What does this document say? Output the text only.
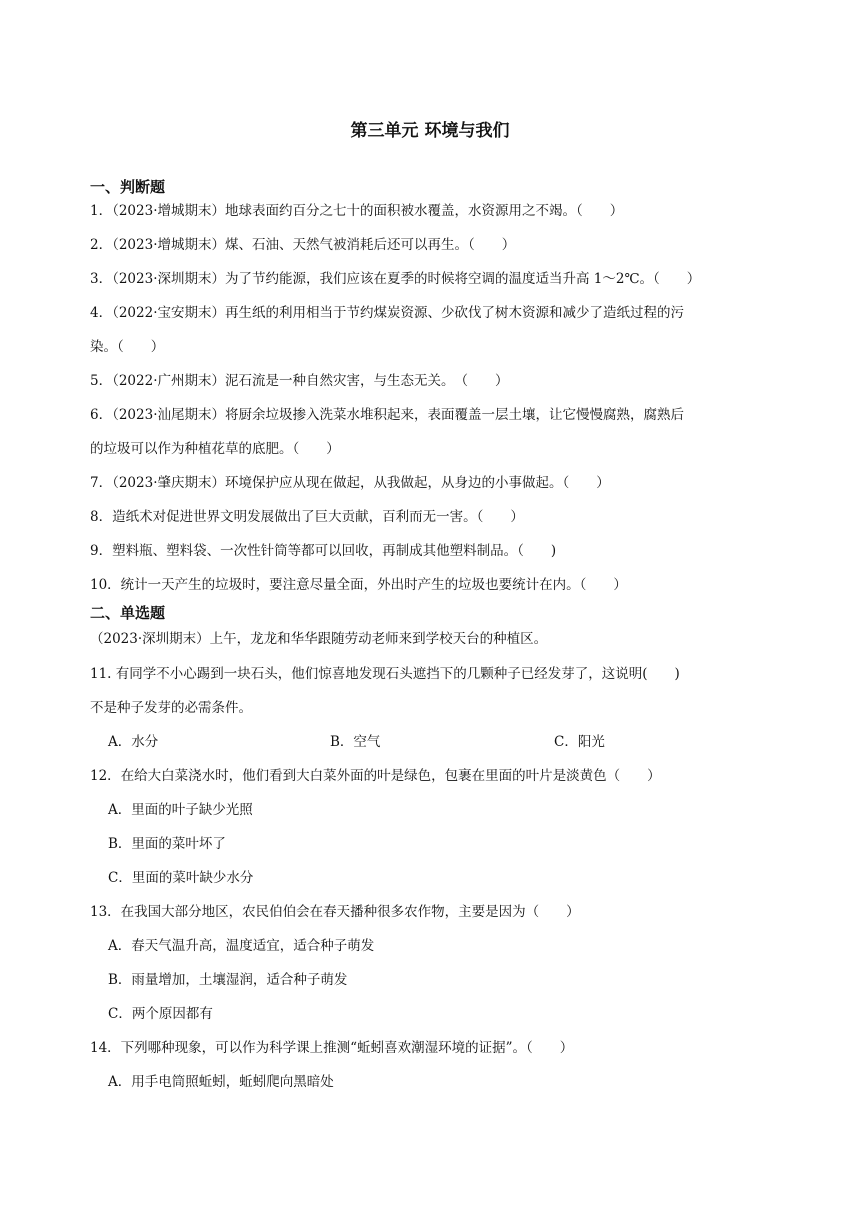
第三单元 环境与我们
一、判断题
1．（2023·增城期末）地球表面约百分之七十的面积被水覆盖，水资源用之不竭。（　　）
2．（2023·增城期末）煤、石油、天然气被消耗后还可以再生。（　　）
3．（2023·深圳期末）为了节约能源，我们应该在夏季的时候将空调的温度适当升高 1～2℃。（　　）
4．（2022·宝安期末）再生纸的利用相当于节约煤炭资源、少砍伐了树木资源和减少了造纸过程的污
染。（　　）
5．（2022·广州期末）泥石流是一种自然灾害，与生态无关。　（　　）
6．（2023·汕尾期末）将厨余垃圾掺入洗菜水堆积起来，表面覆盖一层土壤，让它慢慢腐熟，腐熟后
的垃圾可以作为种植花草的底肥。（　　）
7．（2023·肇庆期末）环境保护应从现在做起，从我做起，从身边的小事做起。（　　）
8．造纸术对促进世界文明发展做出了巨大贡献，百利而无一害。（　　）
9．塑料瓶、塑料袋、一次性针筒等都可以回收，再制成其他塑料制品。（　　)
10．统计一天产生的垃圾时，要注意尽量全面，外出时产生的垃圾也要统计在内。（　　）
二、单选题
（2023·深圳期末）上午，龙龙和华华跟随劳动老师来到学校天台的种植区。
11. 有同学不小心踢到一块石头，他们惊喜地发现石头遮挡下的几颗种子已经发芽了，这说明(　　)
不是种子发芽的必需条件。
A．水分	B．空气	C．阳光
12．在给大白菜浇水时，他们看到大白菜外面的叶是绿色，包裹在里面的叶片是淡黄色（　　）
A．里面的叶子缺少光照
B．里面的菜叶坏了
C．里面的菜叶缺少水分
13．在我国大部分地区，农民伯伯会在春天播种很多农作物，主要是因为（　　）
A．春天气温升高，温度适宜，适合种子萌发
B．雨量增加，土壤湿润，适合种子萌发
C．两个原因都有
14．下列哪种现象，可以作为科学课上推测“蚯蚓喜欢潮湿环境的证据”。（　　）
A．用手电筒照蚯蚓，蚯蚓爬向黑暗处
